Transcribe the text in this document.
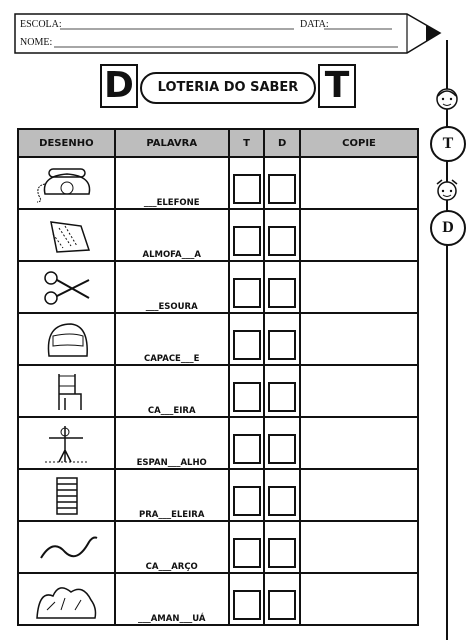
ESCOLA:	DATA:
NOME:
D	LOTERIA DO SABER T
DESENHO	PALAVRA	T	D	COPIE
	___ELEFONE			
	ALMOFA___A			
	___ESOURA			
	CAPACE___E			
	CA___EIRA			
	ESPAN___ALHO			
	PRA___ELEIRA			
	CA___ARÇO			
	___AMAN___UÁ			
T
D
